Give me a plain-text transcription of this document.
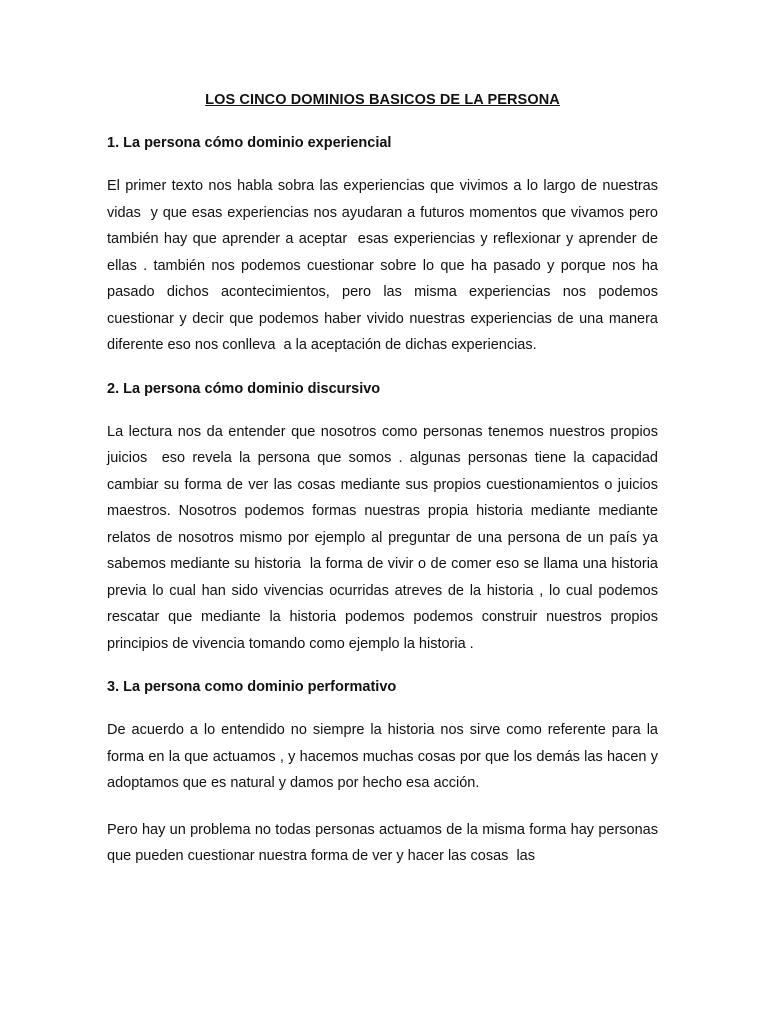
LOS CINCO DOMINIOS BASICOS DE LA PERSONA
1. La persona cómo dominio experiencial
El primer texto nos habla sobra las experiencias que vivimos a lo largo de nuestras vidas  y que esas experiencias nos ayudaran a futuros momentos que vivamos pero también hay que aprender a aceptar  esas experiencias y reflexionar y aprender de ellas . también nos podemos cuestionar sobre lo que ha pasado y porque nos ha pasado dichos acontecimientos, pero las misma experiencias nos podemos  cuestionar y decir que podemos haber vivido nuestras experiencias de una manera diferente eso nos conlleva  a la aceptación de dichas experiencias.
2. La persona cómo dominio discursivo
La lectura nos da entender que nosotros como personas tenemos nuestros propios juicios  eso revela la persona que somos . algunas personas tiene la capacidad cambiar su forma de ver las cosas mediante sus propios cuestionamientos o juicios maestros. Nosotros podemos formas nuestras propia historia mediante mediante relatos de nosotros mismo por ejemplo al preguntar de una persona de un país ya sabemos mediante su historia  la forma de vivir o de comer eso se llama una historia previa lo cual han sido vivencias ocurridas atreves de la historia , lo cual podemos rescatar que mediante la historia podemos podemos construir nuestros propios principios de vivencia tomando como ejemplo la historia .
3. La persona como dominio performativo
De acuerdo a lo entendido no siempre la historia nos sirve como referente para la forma en la que actuamos , y hacemos muchas cosas por que los demás las hacen y adoptamos que es natural y damos por hecho esa acción.
Pero hay un problema no todas personas actuamos de la misma forma hay personas que pueden cuestionar nuestra forma de ver y hacer las cosas  las
